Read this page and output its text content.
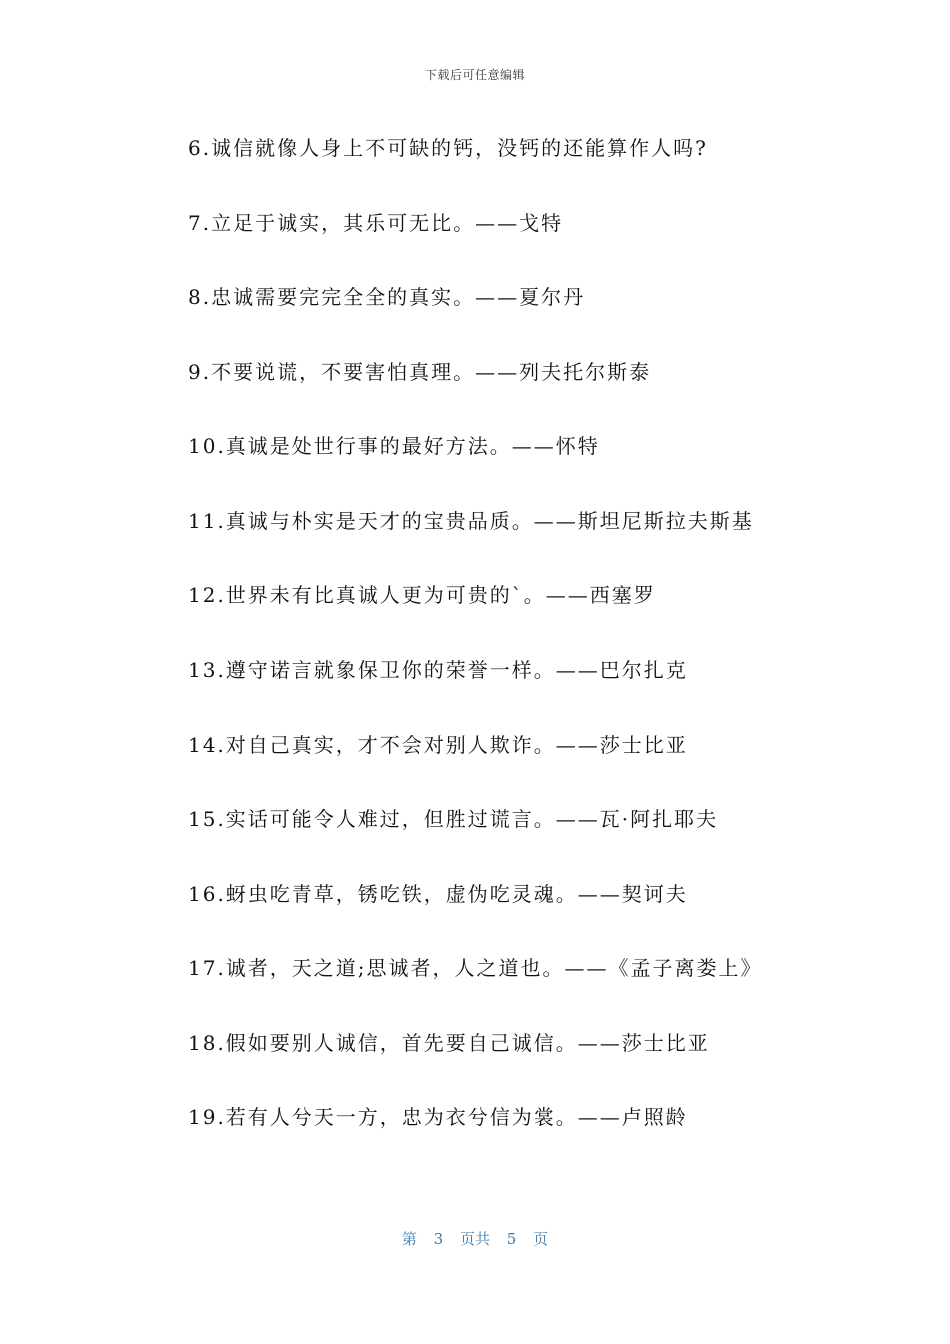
下载后可任意编辑
6.诚信就像人身上不可缺的钙，没钙的还能算作人吗?
7.立足于诚实，其乐可无比。——戈特
8.忠诚需要完完全全的真实。——夏尔丹
9.不要说谎，不要害怕真理。——列夫托尔斯泰
10.真诚是处世行事的最好方法。——怀特
11.真诚与朴实是天才的宝贵品质。——斯坦尼斯拉夫斯基
12.世界未有比真诚人更为可贵的`。——西塞罗
13.遵守诺言就象保卫你的荣誉一样。——巴尔扎克
14.对自己真实，才不会对别人欺诈。——莎士比亚
15.实话可能令人难过，但胜过谎言。——瓦·阿扎耶夫
16.蚜虫吃青草，锈吃铁，虚伪吃灵魂。——契诃夫
17.诚者，天之道;思诚者，人之道也。——《孟子离娄上》
18.假如要别人诚信，首先要自己诚信。——莎士比亚
19.若有人兮天一方，忠为衣兮信为裳。——卢照龄
第 3 页共 5 页
